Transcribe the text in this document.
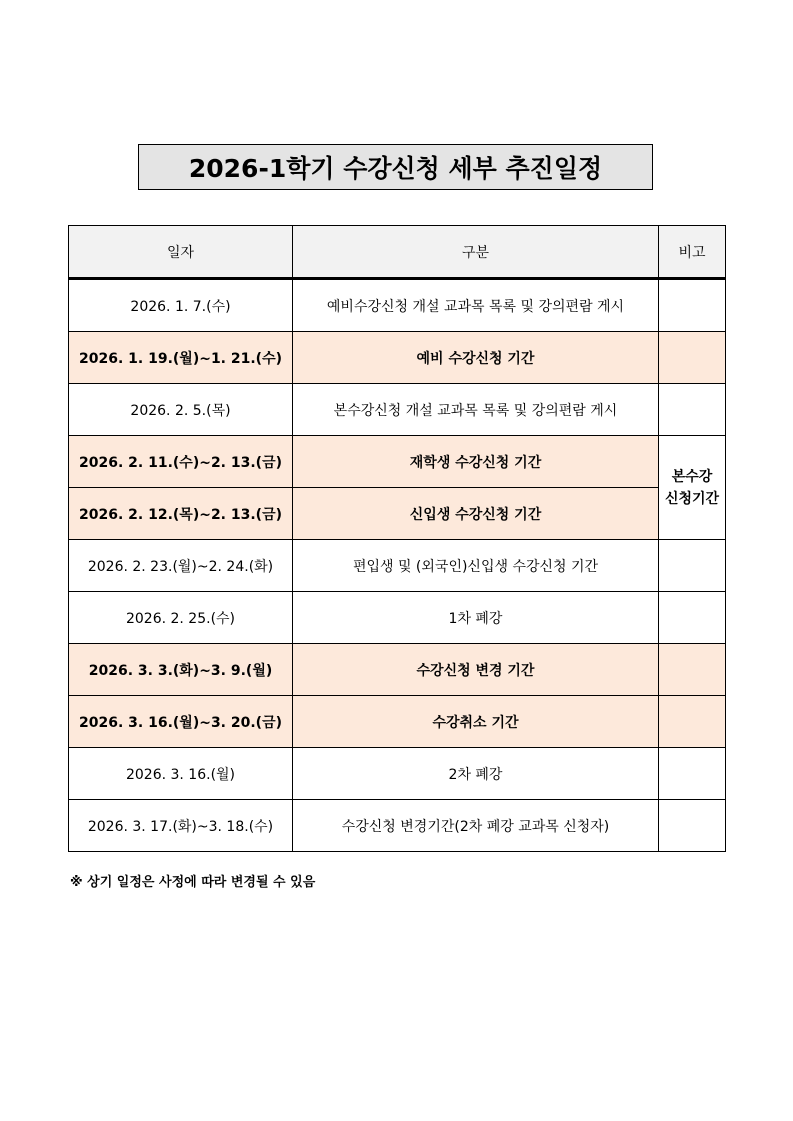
2026-1학기 수강신청 세부 추진일정
일자	구분	비고
2026. 1. 7.(수)	예비수강신청 개설 교과목 목록 및 강의편람 게시	
2026. 1. 19.(월)~1. 21.(수)	예비 수강신청 기간	
2026. 2. 5.(목)	본수강신청 개설 교과목 목록 및 강의편람 게시	
2026. 2. 11.(수)~2. 13.(금)	재학생 수강신청 기간	본수강
신청기간

2026. 2. 12.(목)~2. 13.(금)	신입생 수강신청 기간	
2026. 2. 23.(월)~2. 24.(화)	편입생 및 (외국인)신입생 수강신청 기간	
2026. 2. 25.(수)	1차 폐강	
2026. 3. 3.(화)~3. 9.(월)	수강신청 변경 기간	
2026. 3. 16.(월)~3. 20.(금)	수강취소 기간	
2026. 3. 16.(월)	2차 폐강	
2026. 3. 17.(화)~3. 18.(수)	수강신청 변경기간(2차 폐강 교과목 신청자)	
※ 상기 일정은 사정에 따라 변경될 수 있음
